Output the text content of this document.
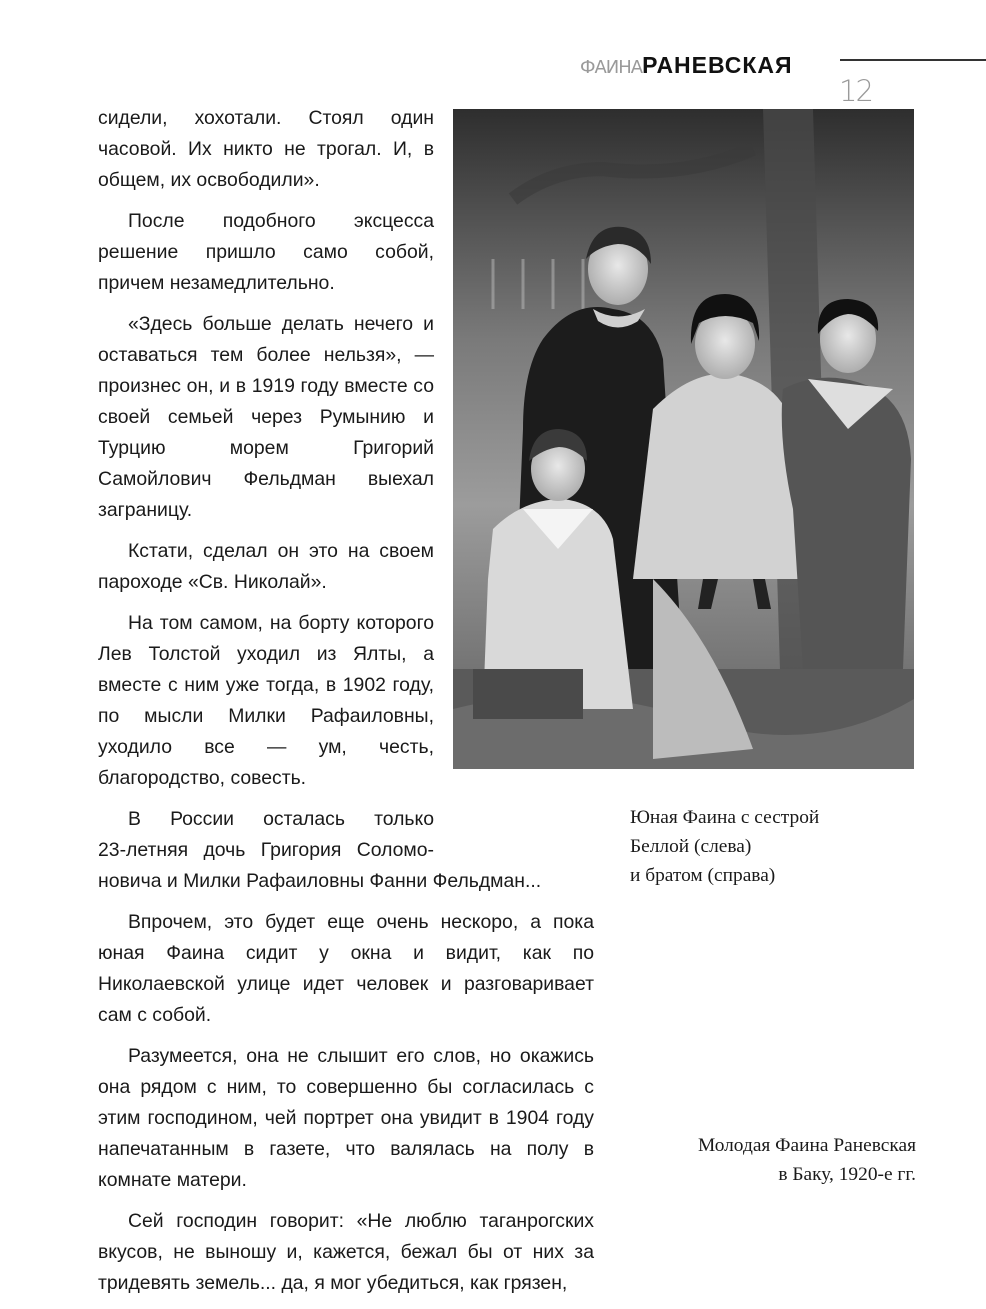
ФАИНАРАНЕВСКАЯ
12
Юная Фаина с сестрой
Беллой (слева)
и братом (справа)
Молодая Фаина Раневская
в Баку, 1920-е гг.

сидели, хохотали. Стоял один часовой. Их никто не трогал. И, в общем, их освободили».

После подобного эксцесса решение пришло само собой, причем незамедлительно.

«Здесь больше делать нечего и оставаться тем более нельзя», — произнес он, и в 1919 году вместе со своей семьей через Румынию и Турцию морем Григорий Самойлович Фельдман выехал заграницу.

Кстати, сделал он это на своем пароходе «Св. Николай».

На том самом, на борту которого Лев Толстой уходил из Ялты, а вместе с ним уже тогда, в 1902 году, по мысли Милки Рафаиловны, уходило все — ум, честь, благородство, совесть.

В России осталась только
23-летняя дочь Григория Соломо-
новича и Милки Рафаиловны Фанни Фельдман...

Впрочем, это будет еще очень нескоро, а пока юная Фаина сидит у окна и видит, как по Николаевской улице идет человек и разговаривает сам с собой.

Разумеется, она не слышит его слов, но окажись она рядом с ним, то совершенно бы согласилась с этим господином, чей портрет она увидит в 1904 году напечатанным в газете, что валялась на полу в комнате матери.

Сей господин говорит: «Не люблю таганрогских вкусов, не выношу и, кажется, бежал бы от них за тридевять земель... да, я мог убедиться, как грязен,
